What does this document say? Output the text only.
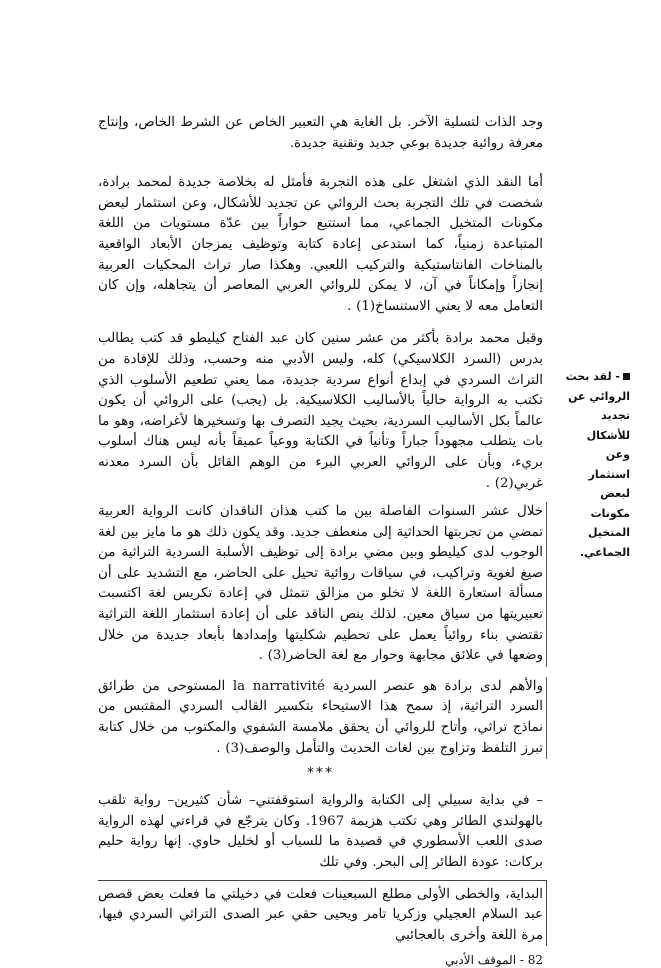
وجد الذات لتسلية الآخر. بل الغاية هي التعبير الخاص عن الشرط الخاص، وإنتاج معرفة روائية جديدة بوعي جديد وتقنية جديدة.

أما النقد الذي اشتغل على هذه التجربة فأمثل له بخلاصة جديدة لمحمد برادة، شخصت في تلك التجربة بحث الروائي عن تجديد للأشكال، وعن استثمار لبعض مكونات المتخيل الجماعي، مما استتبع حواراً بين عدّة مستويات من اللغة المتباعدة زمنياً، كما استدعى إعادة كتابة وتوظيف يمزجان الأبعاد الواقعية بالمناخات الفانتاستيكية والتركيب اللعبي. وهكذا صار تراث المحكيات العربية إنجازاً وإمكاناً في آن، لا يمكن للروائي العربي المعاصر أن يتجاهله، وإن كان التعامل معه لا يعني الاستنساخ(1) .

وقبل محمد برادة بأكثر من عشر سنين كان عبد الفتاح كيليطو قد كتب يطالب بدرس (السرد الكلاسيكي) كله، وليس الأدبي منه وحسب، وذلك للإفادة من التراث السردي في إبداع أنواع سردية جديدة، مما يعني تطعيم الأسلوب الذي تكتب به الرواية حالياً بالأساليب الكلاسيكية. بل (يجب) على الروائي أن يكون عالماً بكل الأساليب السردية، بحيث يجيد التصرف بها وتسخيرها لأغراضه، وهو ما بات يتطلب مجهوداً جباراً وتأنياً في الكتابة ووعياً عميقاً بأنه ليس هناك أسلوب بريء، وبأن على الروائي العربي البرء من الوهم القائل بأن السرد معدنه غربي(2) .

خلال عشر السنوات الفاصلة بين ما كتب هذان الناقدان كانت الرواية العربية تمضي من تجربتها الحداثية إلى منعطف جديد. وقد يكون ذلك هو ما مايز بين لغة الوجوب لدى كيليطو وبين مضي برادة إلى توظيف الأسلبة السردية التراثية من صيغ لغوية وتراكيب، في سياقات روائية تحيل على الحاضر، مع التشديد على أن مسألة استعارة اللغة لا تخلو من مزالق تتمثل في إعادة تكريس لغة اكتسبت تعبيريتها من سياق معين. لذلك ينص الناقد على أن إعادة استثمار اللغة التراثية تقتضي بناء روائياً يعمل على تحطيم شكليتها وإمدادها بأبعاد جديدة من خلال وضعها في علائق مجابهة وحوار مع لغة الحاضر(3) .

والأهم لدى برادة هو عنصر السردية la narrativité المستوحى من طرائق السرد التراثية، إذ سمح هذا الاستيحاء بتكسير القالب السردي المقتبس من نماذج تراثي، وأتاح للروائي أن يحقق ملامسة الشفوي والمكتوب من خلال كتابة تبرز التلفظ وتزاوج بين لغات الحديث والتأمل والوصف(3) .

***

– في بداية سبيلي إلى الكتابة والرواية استوقفتني– شأن كثيرين– رواية تلقب بالهولندي الطائر وهي تكتب هزيمة 1967. وكان يترجّع في قراءتي لهذه الرواية صدى اللعب الأسطوري في قصيدة ما للسياب أو لخليل حاوي. إنها رواية حليم بركات: عودة الطائر إلى البحر. وفي تلك

البداية، والخطى الأولى مطلع السبعينات فعلت في دخيلتي ما فعلت بعض قصص عبد السلام العجيلي وزكريا تامر ويحيى حقي عبر الصدى التراثي السردي فيها، مرة اللغة وأخرى بالعجائبي

82 - الموقف الأدبي
- لقد بحث
الروائي عن تجديد
للأشكال وعن
استثمار لبعض
مكونات المتخيل
الجماعي.
